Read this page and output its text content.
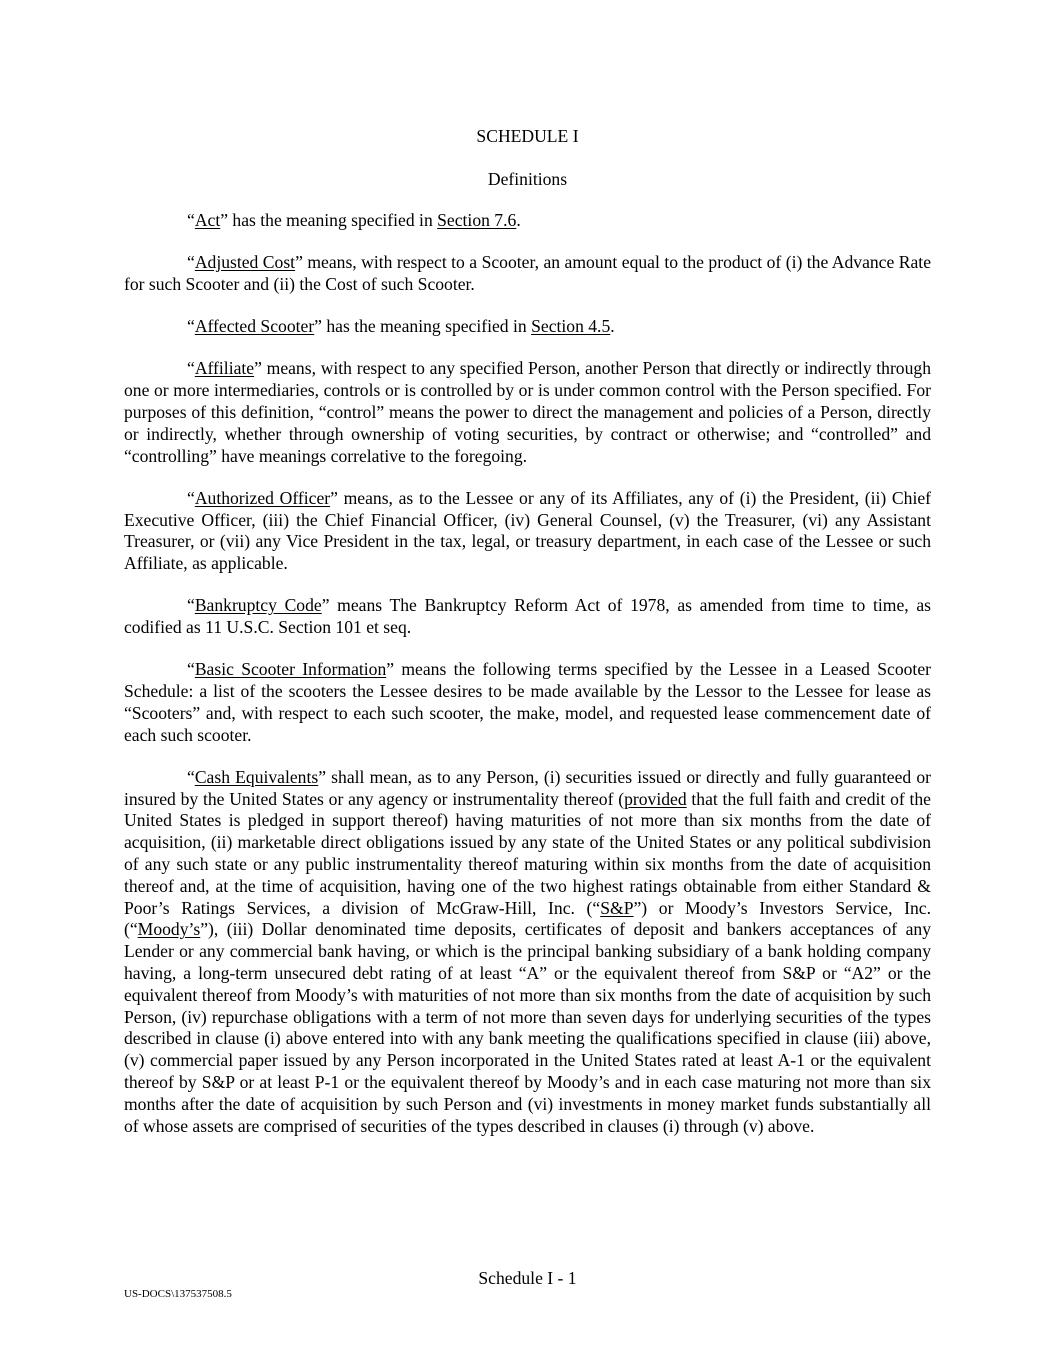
SCHEDULE I
Definitions

“Act” has the meaning specified in Section 7.6.

“Adjusted Cost” means, with respect to a Scooter, an amount equal to the product of (i) the Advance Rate for such Scooter and (ii) the Cost of such Scooter.

“Affected Scooter” has the meaning specified in Section 4.5.

“Affiliate” means, with respect to any specified Person, another Person that directly or indirectly through one or more intermediaries, controls or is controlled by or is under common control with the Person specified. For purposes of this definition, “control” means the power to direct the management and policies of a Person, directly or indirectly, whether through ownership of voting securities, by contract or otherwise; and “controlled” and “controlling” have meanings correlative to the foregoing.

“Authorized Officer” means, as to the Lessee or any of its Affiliates, any of (i) the President, (ii) Chief Executive Officer, (iii) the Chief Financial Officer, (iv) General Counsel, (v) the Treasurer, (vi) any Assistant Treasurer, or (vii) any Vice President in the tax, legal, or treasury department, in each case of the Lessee or such Affiliate, as applicable.

“Bankruptcy Code” means The Bankruptcy Reform Act of 1978, as amended from time to time, as codified as 11 U.S.C. Section 101 et seq.

“Basic Scooter Information” means the following terms specified by the Lessee in a Leased Scooter Schedule: a list of the scooters the Lessee desires to be made available by the Lessor to the Lessee for lease as “Scooters” and, with respect to each such scooter, the make, model, and requested lease commencement date of each such scooter.

“Cash Equivalents” shall mean, as to any Person, (i) securities issued or directly and fully guaranteed or insured by the United States or any agency or instrumentality thereof (provided that the full faith and credit of the United States is pledged in support thereof) having maturities of not more than six months from the date of acquisition, (ii) marketable direct obligations issued by any state of the United States or any political subdivision of any such state or any public instrumentality thereof maturing within six months from the date of acquisition thereof and, at the time of acquisition, having one of the two highest ratings obtainable from either Standard & Poor’s Ratings Services, a division of McGraw-Hill, Inc. (“S&P”) or Moody’s Investors Service, Inc. (“Moody’s”), (iii) Dollar denominated time deposits, certificates of deposit and bankers acceptances of any Lender or any commercial bank having, or which is the principal banking subsidiary of a bank holding company having, a long-term unsecured debt rating of at least “A” or the equivalent thereof from S&P or “A2” or the equivalent thereof from Moody’s with maturities of not more than six months from the date of acquisition by such Person, (iv) repurchase obligations with a term of not more than seven days for underlying securities of the types described in clause (i) above entered into with any bank meeting the qualifications specified in clause (iii) above, (v) commercial paper issued by any Person incorporated in the United States rated at least A-1 or the equivalent thereof by S&P or at least P-1 or the equivalent thereof by Moody’s and in each case maturing not more than six months after the date of acquisition by such Person and (vi) investments in money market funds substantially all of whose assets are comprised of securities of the types described in clauses (i) through (v) above.

Schedule I - 1
US-DOCS\137537508.5
